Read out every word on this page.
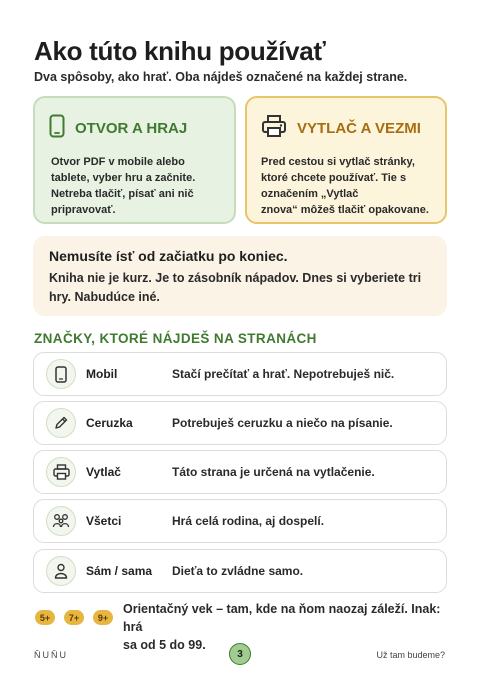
Ako túto knihu používať
Dva spôsoby, ako hrať. Oba nájdeš označené na každej strane.
OTVOR A HRAJ
Otvor PDF v mobile alebo
tablete, vyber hru a začnite.
Netreba tlačiť, písať ani nič
pripravovať.
VYTLAČ A VEZMI
Pred cestou si vytlač stránky,
ktoré chcete používať. Tie s
označením „Vytlač
znova“ môžeš tlačiť opakovane.
Nemusíte ísť od začiatku po koniec.
Kniha nie je kurz. Je to zásobník nápadov. Dnes si vyberiete tri
hry. Nabudúce iné.
ZNAČKY, KTORÉ NÁJDEŠ NA STRANÁCH
Mobil	Stačí prečítať a hrať. Nepotrebuješ nič.
Ceruzka	Potrebuješ ceruzku a niečo na písanie.
Vytlač	Táto strana je určená na vytlačenie.
Všetci	Hrá celá rodina, aj dospelí.
Sám / sama	Dieťa to zvládne samo.
5+	7+	9+
Orientačný vek – tam, kde na ňom naozaj záleží. Inak: hrá
sa od 5 do 99.
ŇUŇU	3	Už tam budeme?
